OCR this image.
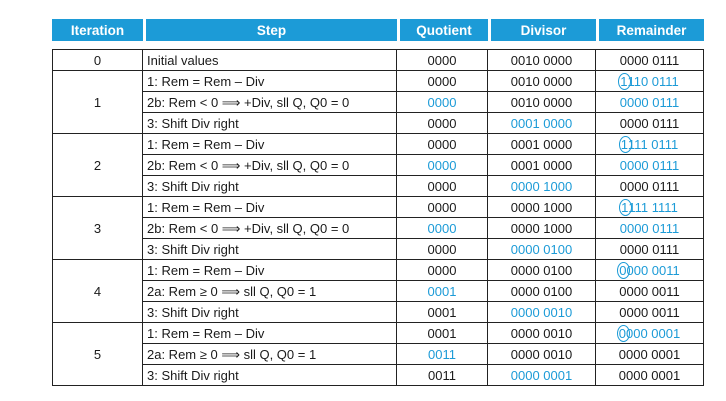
Iteration	Step	Quotient	Divisor	Remainder

0	Initial values	0000	0010 0000	0000 0111
1	1: Rem = Rem – Div	0000	0010 0000	1110 0111
	2b: Rem < 0 ⟹ +Div, sll Q, Q0 = 0	0000	0010 0000	0000 0111
	3: Shift Div right	0000	0001 0000	0000 0111
2	1: Rem = Rem – Div	0000	0001 0000	1111 0111
	2b: Rem < 0 ⟹ +Div, sll Q, Q0 = 0	0000	0001 0000	0000 0111
	3: Shift Div right	0000	0000 1000	0000 0111
3	1: Rem = Rem – Div	0000	0000 1000	1111 1111
	2b: Rem < 0 ⟹ +Div, sll Q, Q0 = 0	0000	0000 1000	0000 0111
	3: Shift Div right	0000	0000 0100	0000 0111
4	1: Rem = Rem – Div	0000	0000 0100	0000 0011
	2a: Rem ≥ 0 ⟹ sll Q, Q0 = 1	0001	0000 0100	0000 0011
	3: Shift Div right	0001	0000 0010	0000 0011
5	1: Rem = Rem – Div	0001	0000 0010	0000 0001
	2a: Rem ≥ 0 ⟹ sll Q, Q0 = 1	0011	0000 0010	0000 0001
	3: Shift Div right	0011	0000 0001	0000 0001
